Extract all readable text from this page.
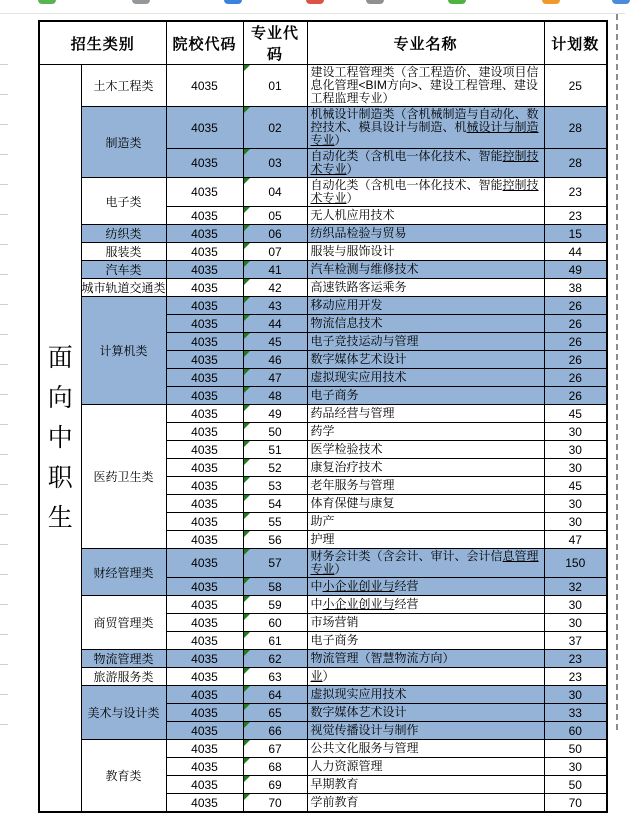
招生类别		院校代码	专业代码	专业名称	计划数
面向中职生	土木工程类	4035	01	建设工程管理类（含工程造价、建设项目信息化管理<BIM方向>、建设工程管理、建设工程监理专业）	25
	制造类	4035	02	机械设计制造类（含机械制造与自动化、数控技术、模具设计与制造、机械设计与制造专业）	28
		4035	03	自动化类（含机电一体化技术、智能控制技术专业）	28
	电子类	4035	04	自动化类（含机电一体化技术、智能控制技术专业）	23
		4035	05	无人机应用技术	23
	纺织类	4035	06	纺织品检验与贸易	15
	服装类	4035	07	服装与服饰设计	44
	汽车类	4035	41	汽车检测与维修技术	49
	城市轨道交通类	4035	42	高速铁路客运乘务	38
	计算机类	4035	43	移动应用开发	26
		4035	44	物流信息技术	26
		4035	45	电子竞技运动与管理	26
		4035	46	数字媒体艺术设计	26
		4035	47	虚拟现实应用技术	26
		4035	48	电子商务	26
	医药卫生类	4035	49	药品经营与管理	45
		4035	50	药学	30
		4035	51	医学检验技术	30
		4035	52	康复治疗技术	30
		4035	53	老年服务与管理	45
		4035	54	体育保健与康复	30
		4035	55	助产	30
		4035	56	护理	47
	财经管理类	4035	57	财务会计类（含会计、审计、会计信息管理专业）	150
		4035	58	中小企业创业与经营	32
	商贸管理类	4035	59	中小企业创业与经营	30
		4035	60	市场营销	30
		4035	61	电子商务	37
	物流管理类	4035	62	物流管理（智慧物流方向）	23
	旅游服务类	4035	63	业）	23
	美术与设计类	4035	64	虚拟现实应用技术	30
		4035	65	数字媒体艺术设计	33
		4035	66	视觉传播设计与制作	60
	教育类	4035	67	公共文化服务与管理	50
		4035	68	人力资源管理	30
		4035	69	早期教育	50
		4035	70	学前教育	70
